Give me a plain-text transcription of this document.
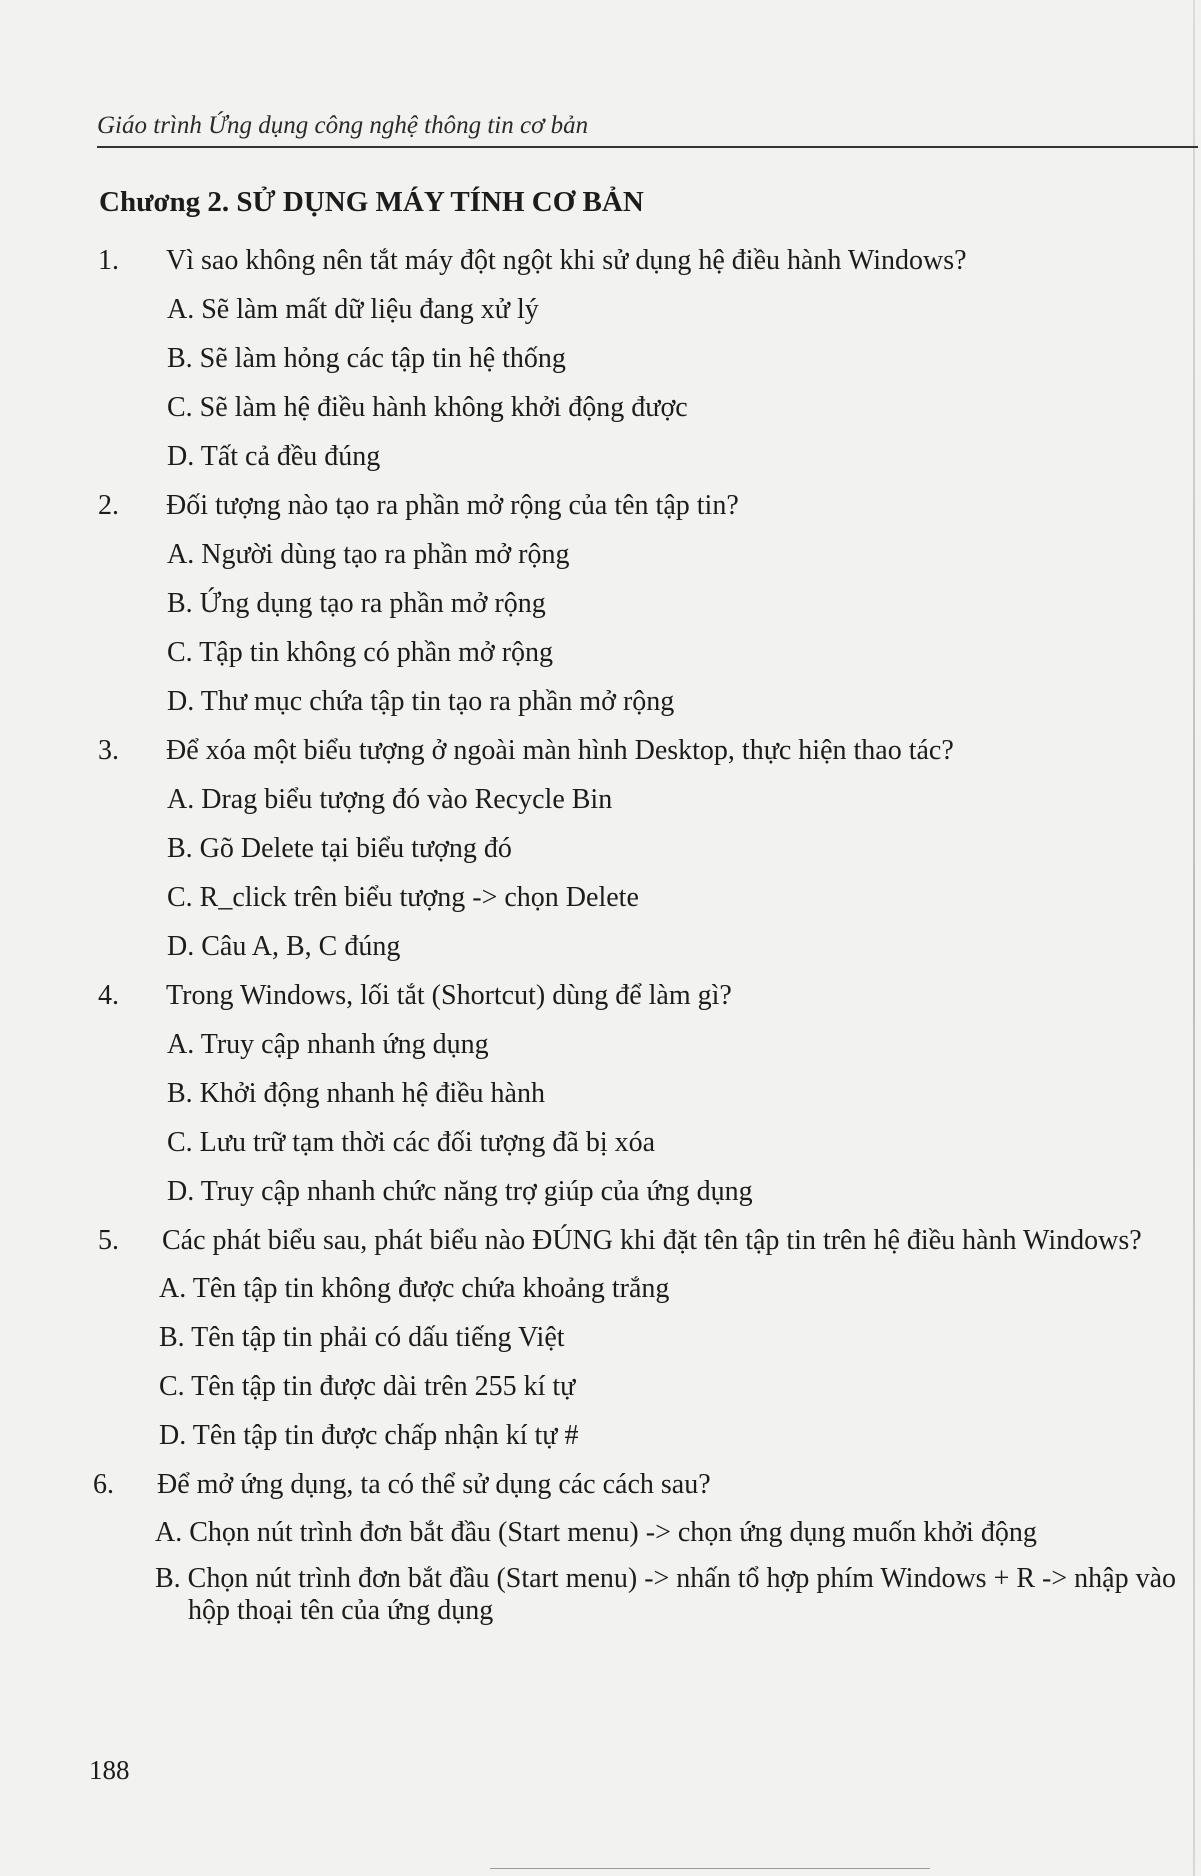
Giáo trình Ứng dụng công nghệ thông tin cơ bản
Chương 2. SỬ DỤNG MÁY TÍNH CƠ BẢN
1. Vì sao không nên tắt máy đột ngột khi sử dụng hệ điều hành Windows?
A. Sẽ làm mất dữ liệu đang xử lý
B. Sẽ làm hỏng các tập tin hệ thống
C. Sẽ làm hệ điều hành không khởi động được
D. Tất cả đều đúng
2. Đối tượng nào tạo ra phần mở rộng của tên tập tin?
A. Người dùng tạo ra phần mở rộng
B. Ứng dụng tạo ra phần mở rộng
C. Tập tin không có phần mở rộng
D. Thư mục chứa tập tin tạo ra phần mở rộng
3. Để xóa một biểu tượng ở ngoài màn hình Desktop, thực hiện thao tác?
A. Drag biểu tượng đó vào Recycle Bin
B. Gõ Delete tại biểu tượng đó
C. R_click trên biểu tượng -> chọn Delete
D. Câu A, B, C đúng
4. Trong Windows, lối tắt (Shortcut) dùng để làm gì?
A. Truy cập nhanh ứng dụng
B. Khởi động nhanh hệ điều hành
C. Lưu trữ tạm thời các đối tượng đã bị xóa
D. Truy cập nhanh chức năng trợ giúp của ứng dụng
5. Các phát biểu sau, phát biểu nào ĐÚNG khi đặt tên tập tin trên hệ điều hành Windows?
A. Tên tập tin không được chứa khoảng trắng
B. Tên tập tin phải có dấu tiếng Việt
C. Tên tập tin được dài trên 255 kí tự
D. Tên tập tin được chấp nhận kí tự #
6. Để mở ứng dụng, ta có thể sử dụng các cách sau?
A. Chọn nút trình đơn bắt đầu (Start menu) -> chọn ứng dụng muốn khởi động
B. Chọn nút trình đơn bắt đầu (Start menu) -> nhấn tổ hợp phím Windows + R -> nhập vào hộp thoại tên của ứng dụng
188
